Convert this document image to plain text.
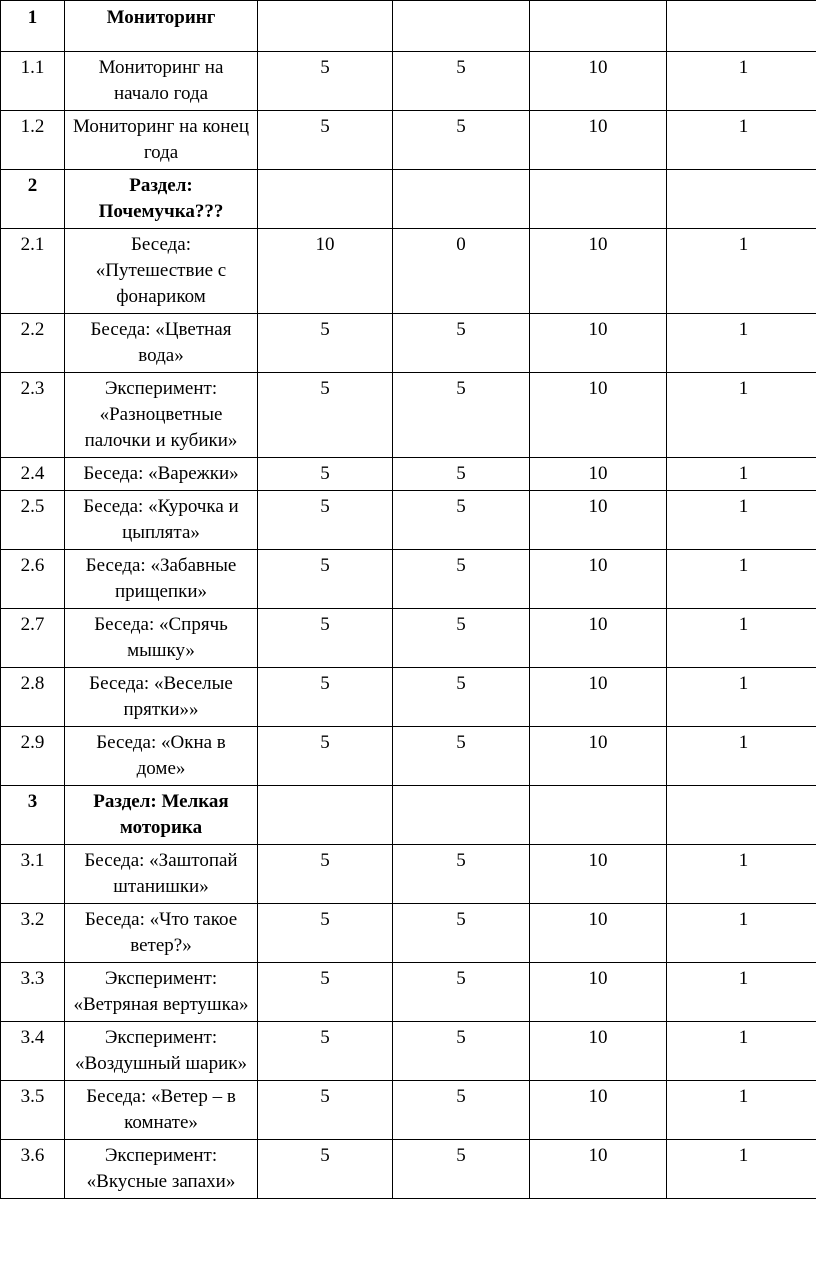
1	Мониторинг				
1.1	Мониторинг на начало года	5	5	10	1
1.2	Мониторинг на конец года	5	5	10	1
2	Раздел: Почемучка???				
2.1	Беседа: «Путешествие с фонариком	10	0	10	1
2.2	Беседа: «Цветная вода»	5	5	10	1
2.3	Эксперимент: «Разноцветные палочки и кубики»	5	5	10	1
2.4	Беседа: «Варежки»	5	5	10	1
2.5	Беседа: «Курочка и цыплята»	5	5	10	1
2.6	Беседа: «Забавные прищепки»	5	5	10	1
2.7	Беседа: «Спрячь мышку»	5	5	10	1
2.8	Беседа: «Веселые прятки»»	5	5	10	1
2.9	Беседа: «Окна в доме»	5	5	10	1
3	Раздел: Мелкая моторика				
3.1	Беседа: «Заштопай штанишки»	5	5	10	1
3.2	Беседа: «Что такое ветер?»	5	5	10	1
3.3	Эксперимент: «Ветряная вертушка»	5	5	10	1
3.4	Эксперимент: «Воздушный шарик»	5	5	10	1
3.5	Беседа: «Ветер – в комнате»	5	5	10	1
3.6	Эксперимент: «Вкусные запахи»	5	5	10	1
